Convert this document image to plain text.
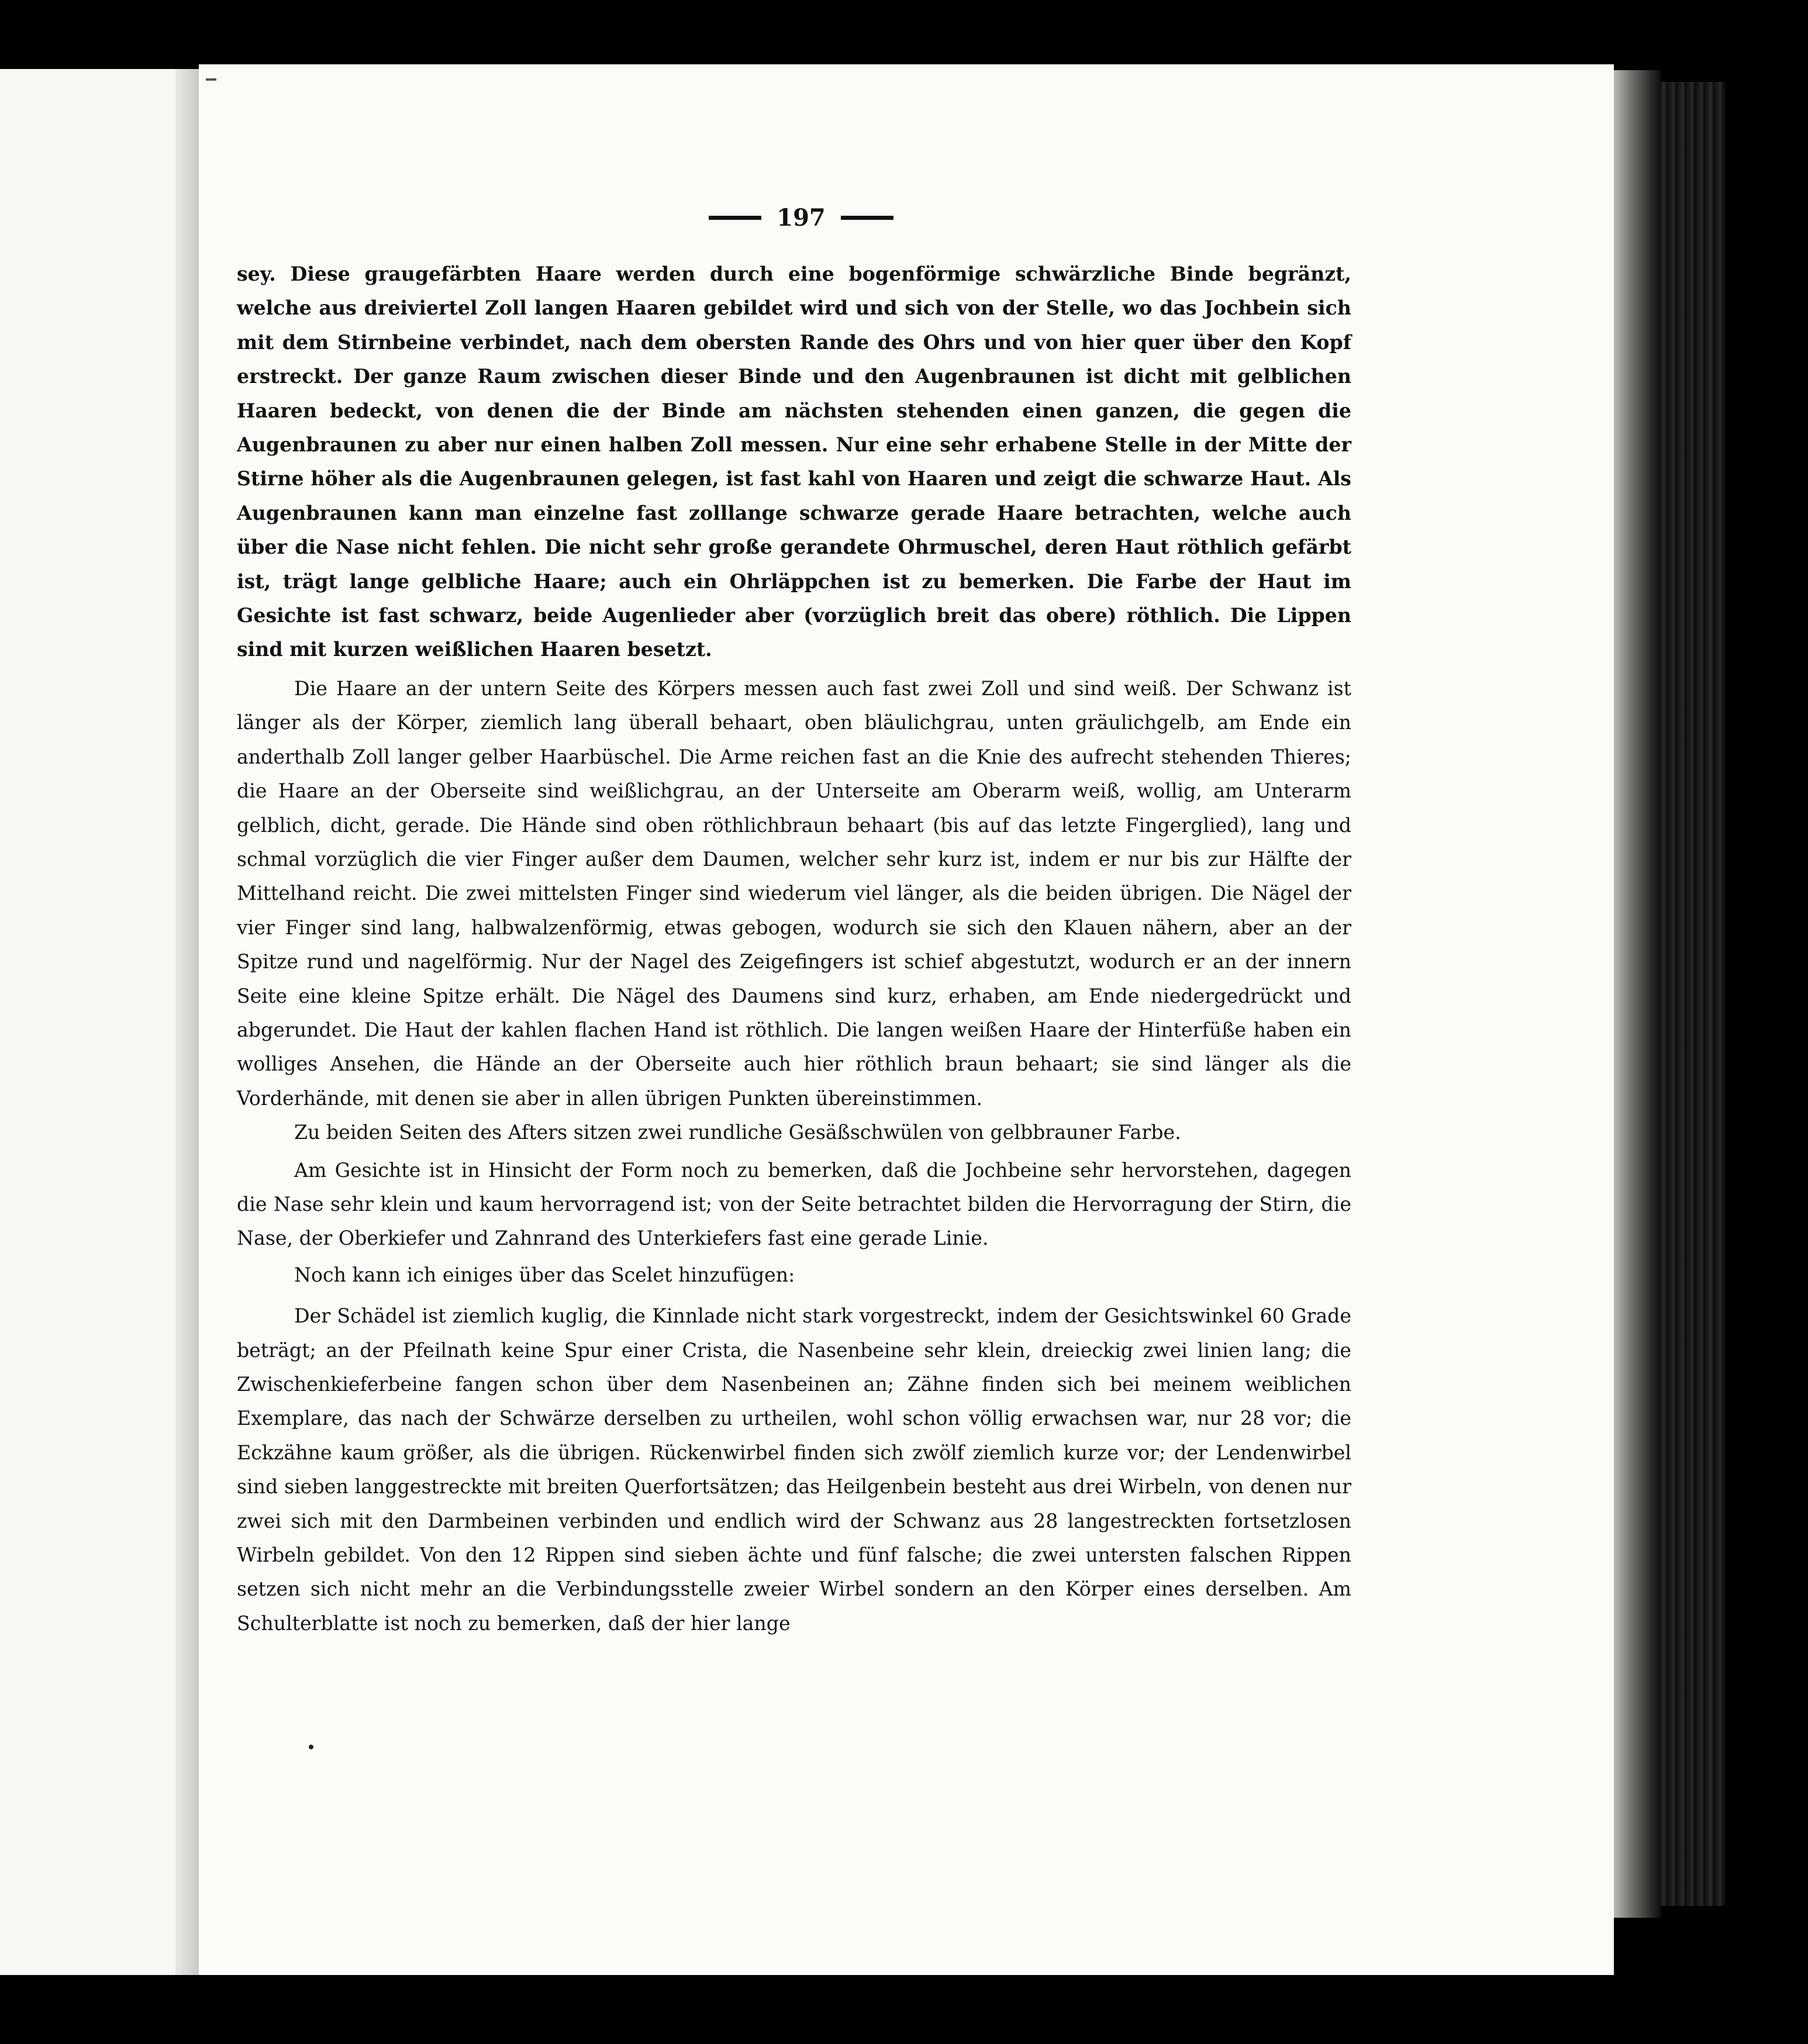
197

sey. Diese graugefärbten Haare werden durch eine bogenförmige schwärzliche Binde begränzt, welche aus dreiviertel Zoll langen Haaren gebildet wird und sich von der Stelle, wo das Jochbein sich mit dem Stirnbeine verbindet, nach dem obersten Rande des Ohrs und von hier quer über den Kopf erstreckt. Der ganze Raum zwischen dieser Binde und den Augenbraunen ist dicht mit gelblichen Haaren bedeckt, von denen die der Binde am nächsten stehenden einen ganzen, die gegen die Augenbraunen zu aber nur einen halben Zoll messen. Nur eine sehr erhabene Stelle in der Mitte der Stirne höher als die Augenbraunen gelegen, ist fast kahl von Haaren und zeigt die schwarze Haut. Als Augenbraunen kann man einzelne fast zolllange schwarze gerade Haare betrachten, welche auch über die Nase nicht fehlen. Die nicht sehr große gerandete Ohrmuschel, deren Haut röthlich gefärbt ist, trägt lange gelbliche Haare; auch ein Ohrläppchen ist zu bemerken. Die Farbe der Haut im Gesichte ist fast schwarz, beide Augenlieder aber (vorzüglich breit das obere) röthlich. Die Lippen sind mit kurzen weißlichen Haaren besetzt.

Die Haare an der untern Seite des Körpers messen auch fast zwei Zoll und sind weiß. Der Schwanz ist länger als der Körper, ziemlich lang überall behaart, oben bläulichgrau, unten gräulichgelb, am Ende ein anderthalb Zoll langer gelber Haarbüschel. Die Arme reichen fast an die Knie des aufrecht stehenden Thieres; die Haare an der Oberseite sind weißlichgrau, an der Unterseite am Oberarm weiß, wollig, am Unterarm gelblich, dicht, gerade. Die Hände sind oben röthlichbraun behaart (bis auf das letzte Fingerglied), lang und schmal vorzüglich die vier Finger außer dem Daumen, welcher sehr kurz ist, indem er nur bis zur Hälfte der Mittelhand reicht. Die zwei mittelsten Finger sind wiederum viel länger, als die beiden übrigen. Die Nägel der vier Finger sind lang, halbwalzenförmig, etwas gebogen, wodurch sie sich den Klauen nähern, aber an der Spitze rund und nagelförmig. Nur der Nagel des Zeigefingers ist schief abgestutzt, wodurch er an der innern Seite eine kleine Spitze erhält. Die Nägel des Daumens sind kurz, erhaben, am Ende niedergedrückt und abgerundet. Die Haut der kahlen flachen Hand ist röthlich. Die langen weißen Haare der Hinterfüße haben ein wolliges Ansehen, die Hände an der Oberseite auch hier röthlich braun behaart; sie sind länger als die Vorderhände, mit denen sie aber in allen übrigen Punkten übereinstimmen.

Zu beiden Seiten des Afters sitzen zwei rundliche Gesäßschwülen von gelbbrauner Farbe.

Am Gesichte ist in Hinsicht der Form noch zu bemerken, daß die Jochbeine sehr hervorstehen, dagegen die Nase sehr klein und kaum hervorragend ist; von der Seite betrachtet bilden die Hervorragung der Stirn, die Nase, der Oberkiefer und Zahnrand des Unterkiefers fast eine gerade Linie.

Noch kann ich einiges über das Scelet hinzufügen:

Der Schädel ist ziemlich kuglig, die Kinnlade nicht stark vorgestreckt, indem der Gesichtswinkel 60 Grade beträgt; an der Pfeilnath keine Spur einer Crista, die Nasenbeine sehr klein, dreieckig zwei linien lang; die Zwischenkieferbeine fangen schon über dem Nasenbeinen an; Zähne finden sich bei meinem weiblichen Exemplare, das nach der Schwärze derselben zu urtheilen, wohl schon völlig erwachsen war, nur 28 vor; die Eckzähne kaum größer, als die übrigen. Rückenwirbel finden sich zwölf ziemlich kurze vor; der Lendenwirbel sind sieben langgestreckte mit breiten Querfortsätzen; das Heilgenbein besteht aus drei Wirbeln, von denen nur zwei sich mit den Darmbeinen verbinden und endlich wird der Schwanz aus 28 langestreckten fortsetzlosen Wirbeln gebildet. Von den 12 Rippen sind sieben ächte und fünf falsche; die zwei untersten falschen Rippen setzen sich nicht mehr an die Verbindungsstelle zweier Wirbel sondern an den Körper eines derselben. Am Schulterblatte ist noch zu bemerken, daß der hier lange
